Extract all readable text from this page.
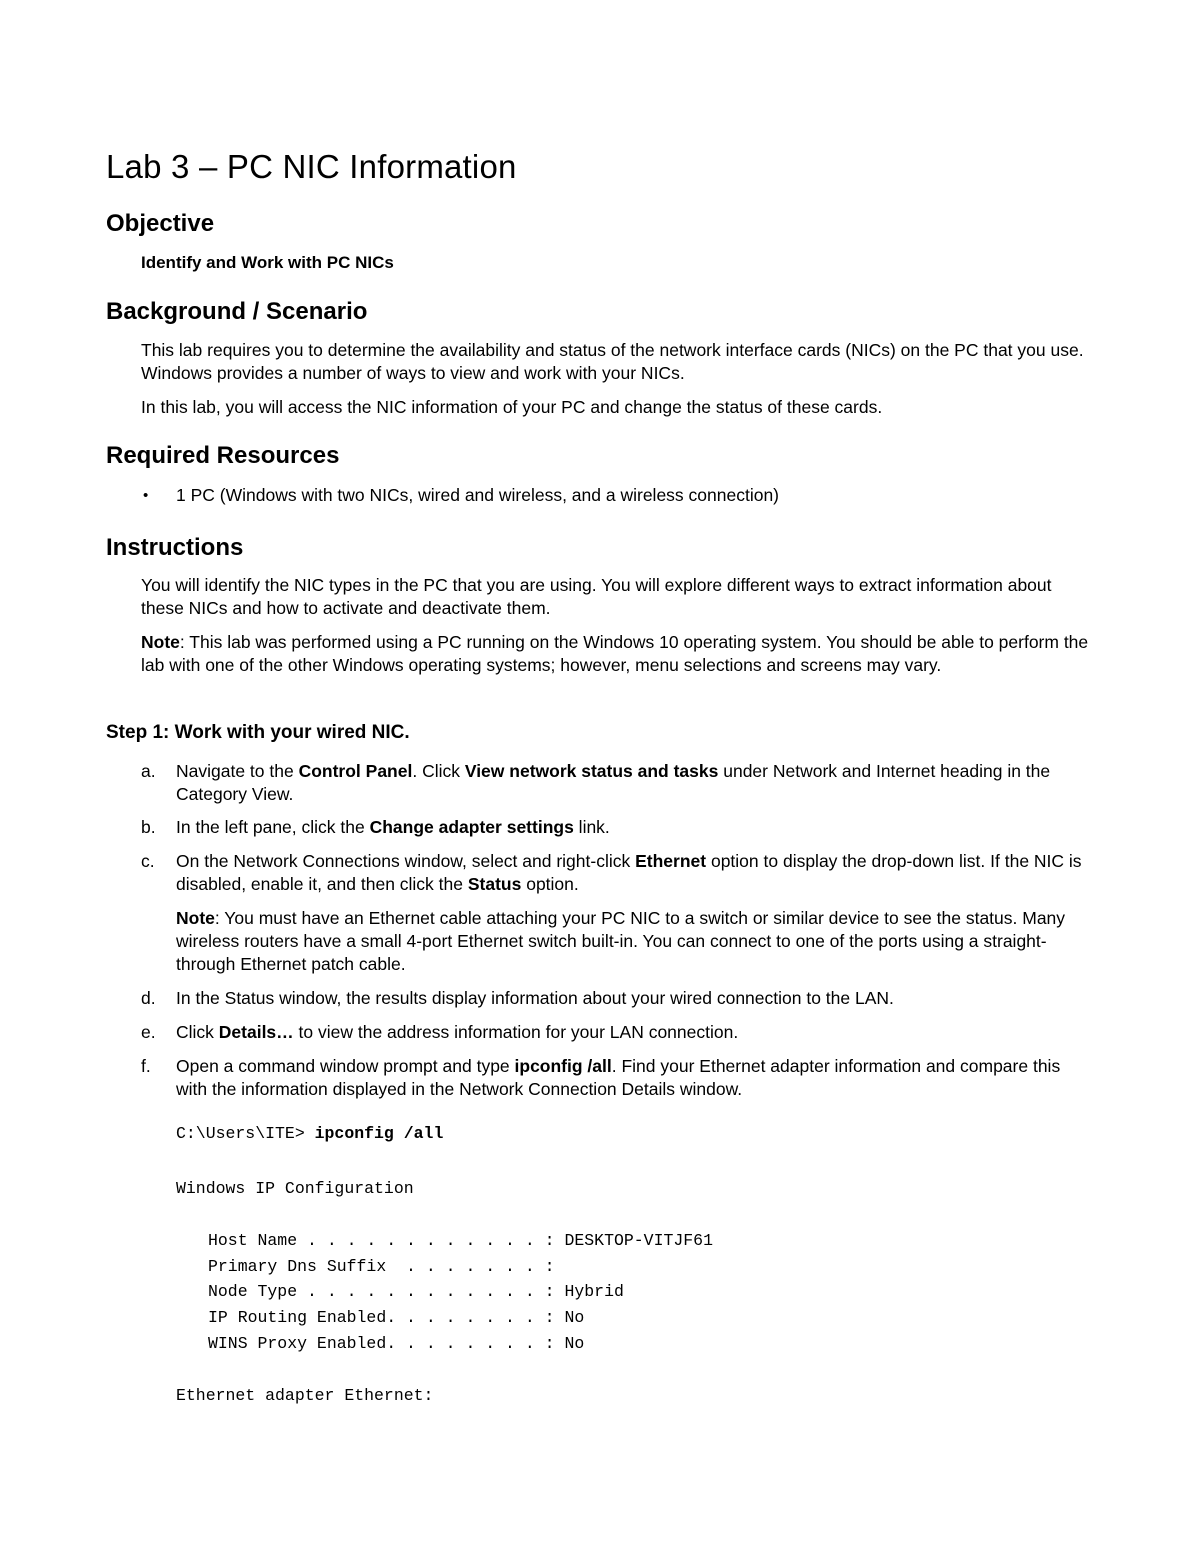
Lab 3 – PC NIC Information
Objective
Identify and Work with PC NICs
Background / Scenario

This lab requires you to determine the availability and status of the network interface cards (NICs) on the PC that you use. Windows provides a number of ways to view and work with your NICs.

In this lab, you will access the NIC information of your PC and change the status of these cards.

Required Resources
• 1 PC (Windows with two NICs, wired and wireless, and a wireless connection)

Instructions

You will identify the NIC types in the PC that you are using. You will explore different ways to extract information about these NICs and how to activate and deactivate them.

Note: This lab was performed using a PC running on the Windows 10 operating system. You should be able to perform the lab with one of the other Windows operating systems; however, menu selections and screens may vary.

Step 1: Work with your wired NIC.
a. Navigate to the Control Panel. Click View network status and tasks under Network and Internet heading in the Category View.

b. In the left pane, click the Change adapter settings link.

c. On the Network Connections window, select and right-click Ethernet option to display the drop-down list. If the NIC is disabled, enable it, and then click the Status option.

Note: You must have an Ethernet cable attaching your PC NIC to a switch or similar device to see the status. Many wireless routers have a small 4-port Ethernet switch built-in. You can connect to one of the ports using a straight-through Ethernet patch cable.

d. In the Status window, the results display information about your wired connection to the LAN.

e. Click Details… to view the address information for your LAN connection.

f. Open a command window prompt and type ipconfig /all. Find your Ethernet adapter information and compare this with the information displayed in the Network Connection Details window.

C:\Users\ITE> ipconfig /all
Windows IP Configuration
Host Name . . . . . . . . . . . . : DESKTOP-VITJF61
Primary Dns Suffix  . . . . . . . :
Node Type . . . . . . . . . . . . : Hybrid
IP Routing Enabled. . . . . . . . : No
WINS Proxy Enabled. . . . . . . . : No
Ethernet adapter Ethernet:
